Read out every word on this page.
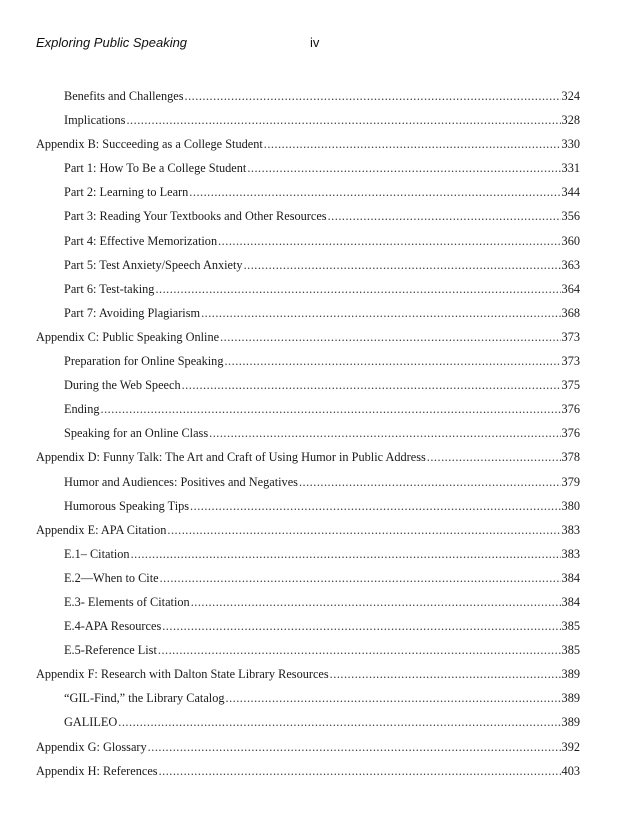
Exploring Public Speaking	iv
Benefits and Challenges .....	324
Implications .....	328
Appendix B: Succeeding as a College Student .....	330
Part 1: How To Be a College Student .....	331
Part 2: Learning to Learn .....	344
Part 3: Reading Your Textbooks and Other Resources .....	356
Part 4: Effective Memorization .....	360
Part 5: Test Anxiety/Speech Anxiety .....	363
Part 6: Test-taking .....	364
Part 7: Avoiding Plagiarism .....	368
Appendix C: Public Speaking Online .....	373
Preparation for Online Speaking .....	373
During the Web Speech .....	375
Ending .....	376
Speaking for an Online Class .....	376
Appendix D: Funny Talk: The Art and Craft of Using Humor in Public Address .....	378
Humor and Audiences: Positives and Negatives .....	379
Humorous Speaking Tips .....	380
Appendix E: APA Citation .....	383
E.1– Citation .....	383
E.2—When to Cite .....	384
E.3- Elements of Citation .....	384
E.4-APA Resources .....	385
E.5-Reference List .....	385
Appendix F: Research with Dalton State Library Resources .....	389
“GIL-Find,” the Library Catalog .....	389
GALILEO .....	389
Appendix G: Glossary .....	392
Appendix H: References .....	403
